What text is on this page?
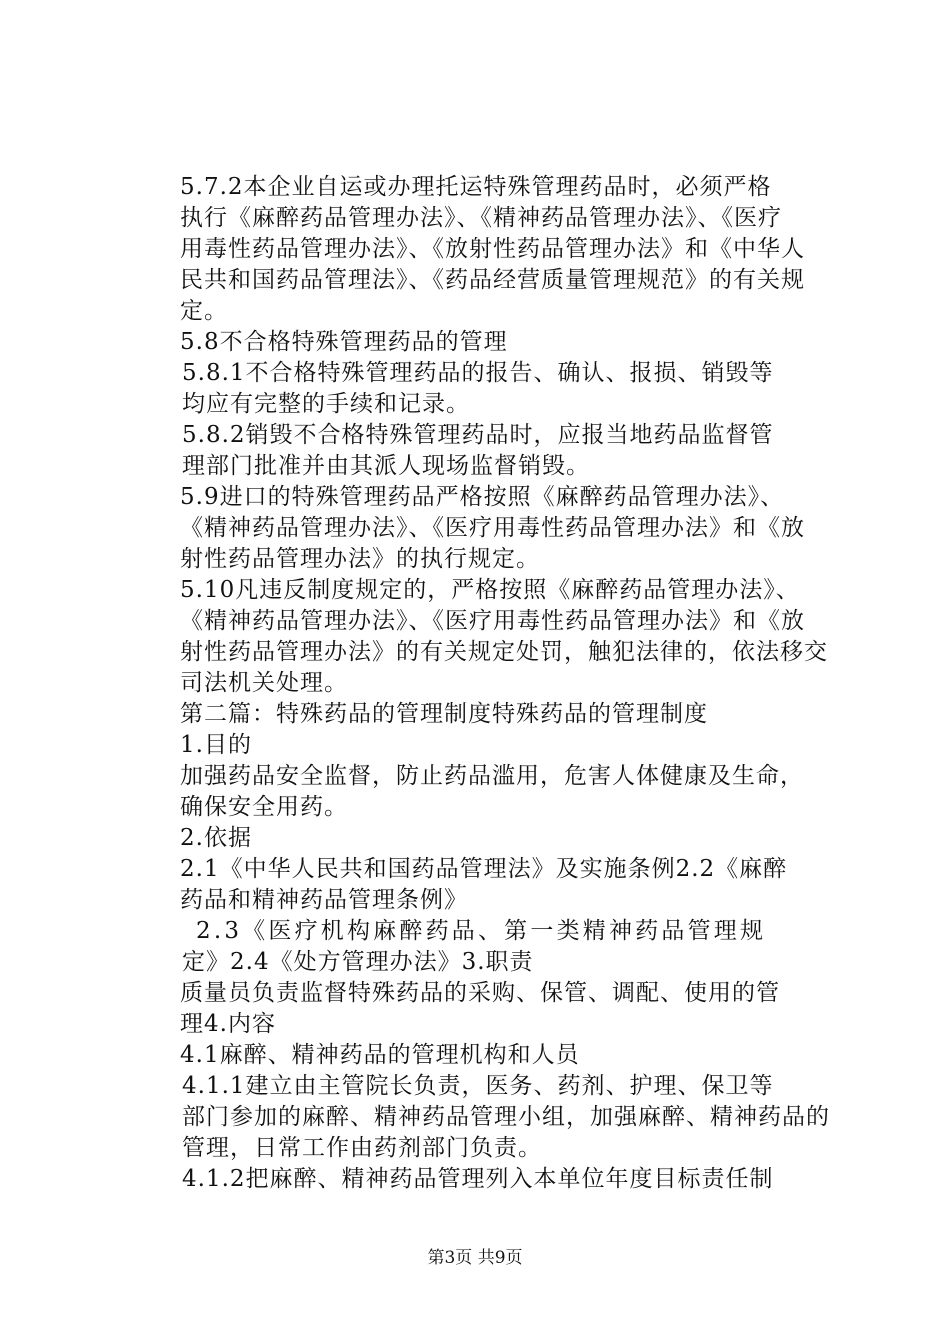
5.7.2本企业自运或办理托运特殊管理药品时，必须严格
执行《麻醉药品管理办法》、《精神药品管理办法》、《医疗
用毒性药品管理办法》、《放射性药品管理办法》和《中华人
民共和国药品管理法》、《药品经营质量管理规范》的有关规
定。

5.8不合格特殊管理药品的管理

5.8.1不合格特殊管理药品的报告、确认、报损、销毁等
均应有完整的手续和记录。

5.8.2销毁不合格特殊管理药品时，应报当地药品监督管
理部门批准并由其派人现场监督销毁。

5.9进口的特殊管理药品严格按照《麻醉药品管理办法》、
《精神药品管理办法》、《医疗用毒性药品管理办法》和《放
射性药品管理办法》的执行规定。

5.10凡违反制度规定的，严格按照《麻醉药品管理办法》、
《精神药品管理办法》、《医疗用毒性药品管理办法》和《放
射性药品管理办法》的有关规定处罚，触犯法律的，依法移交
司法机关处理。

第二篇：特殊药品的管理制度特殊药品的管理制度

1.目的

加强药品安全监督，防止药品滥用，危害人体健康及生命，
确保安全用药。

2.依据

2.1《中华人民共和国药品管理法》及实施条例2.2《麻醉
药品和精神药品管理条例》

2.3《医疗机构麻醉药品、第一类精神药品管理规
定》2.4《处方管理办法》3.职责

质量员负责监督特殊药品的采购、保管、调配、使用的管
理4.内容

4.1麻醉、精神药品的管理机构和人员

4.1.1建立由主管院长负责，医务、药剂、护理、保卫等
部门参加的麻醉、精神药品管理小组，加强麻醉、精神药品的
管理，日常工作由药剂部门负责。

4.1.2把麻醉、精神药品管理列入本单位年度目标责任制

第3页 共9页
